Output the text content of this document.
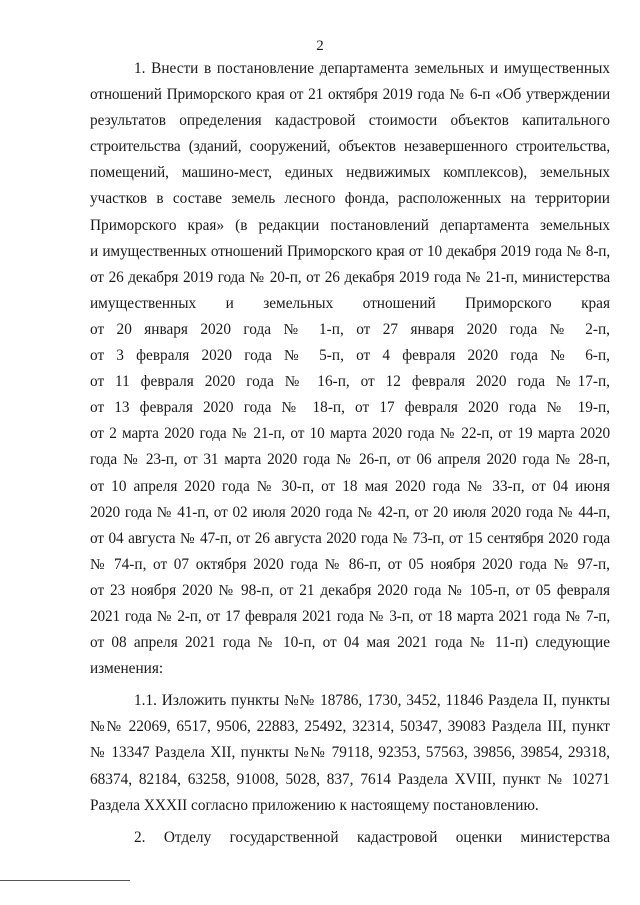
2

1. Внести в постановление департамента земельных и имущественных

отношений Приморского края от 21 октября 2019 года № 6-п «Об утверждении

результатов определения кадастровой стоимости объектов капитального

строительства (зданий, сооружений, объектов незавершенного строительства,

помещений, машино-мест, единых недвижимых комплексов), земельных

участков в составе земель лесного фонда, расположенных на территории

Приморского края» (в редакции постановлений департамента земельных

и имущественных отношений Приморского края от 10 декабря 2019 года № 8-п,

от 26 декабря 2019 года № 20-п, от 26 декабря 2019 года № 21-п, министерства

имущественных и земельных отношений Приморского края

от 20 января 2020 года № 1-п, от 27 января 2020 года № 2-п,

от 3 февраля 2020 года № 5-п, от 4 февраля 2020 года № 6-п,

от 11 февраля 2020 года № 16-п, от 12 февраля 2020 года №17-п,

от 13 февраля 2020 года № 18-п, от 17 февраля 2020 года № 19-п,

от 2 марта 2020 года № 21-п, от 10 марта 2020 года № 22-п, от 19 марта 2020

года № 23-п, от 31 марта 2020 года № 26-п, от 06 апреля 2020 года № 28-п,

от 10 апреля 2020 года № 30-п, от 18 мая 2020 года № 33-п, от 04 июня

2020 года № 41-п, от 02 июля 2020 года № 42-п, от 20 июля 2020 года № 44-п,

от 04 августа № 47-п, от 26 августа 2020 года № 73-п, от 15 сентября 2020 года

№ 74-п, от 07 октября 2020 года № 86-п, от 05 ноября 2020 года № 97-п,

от 23 ноября 2020 № 98-п, от 21 декабря 2020 года № 105-п, от 05 февраля

2021 года № 2-п, от 17 февраля 2021 года № 3-п, от 18 марта 2021 года № 7-п,

от 08 апреля 2021 года № 10-п, от 04 мая 2021 года № 11-п) следующие

изменения:

1.1. Изложить пункты №№ 18786, 1730, 3452, 11846 Раздела II, пункты

№№ 22069, 6517, 9506, 22883, 25492, 32314, 50347, 39083 Раздела III, пункт

№ 13347 Раздела XII, пункты №№ 79118, 92353, 57563, 39856, 39854, 29318,

68374, 82184, 63258, 91008, 5028, 837, 7614 Раздела XVIII, пункт № 10271

Раздела XXXII согласно приложению к настоящему постановлению.

2. Отделу государственной кадастровой оценки министерства
